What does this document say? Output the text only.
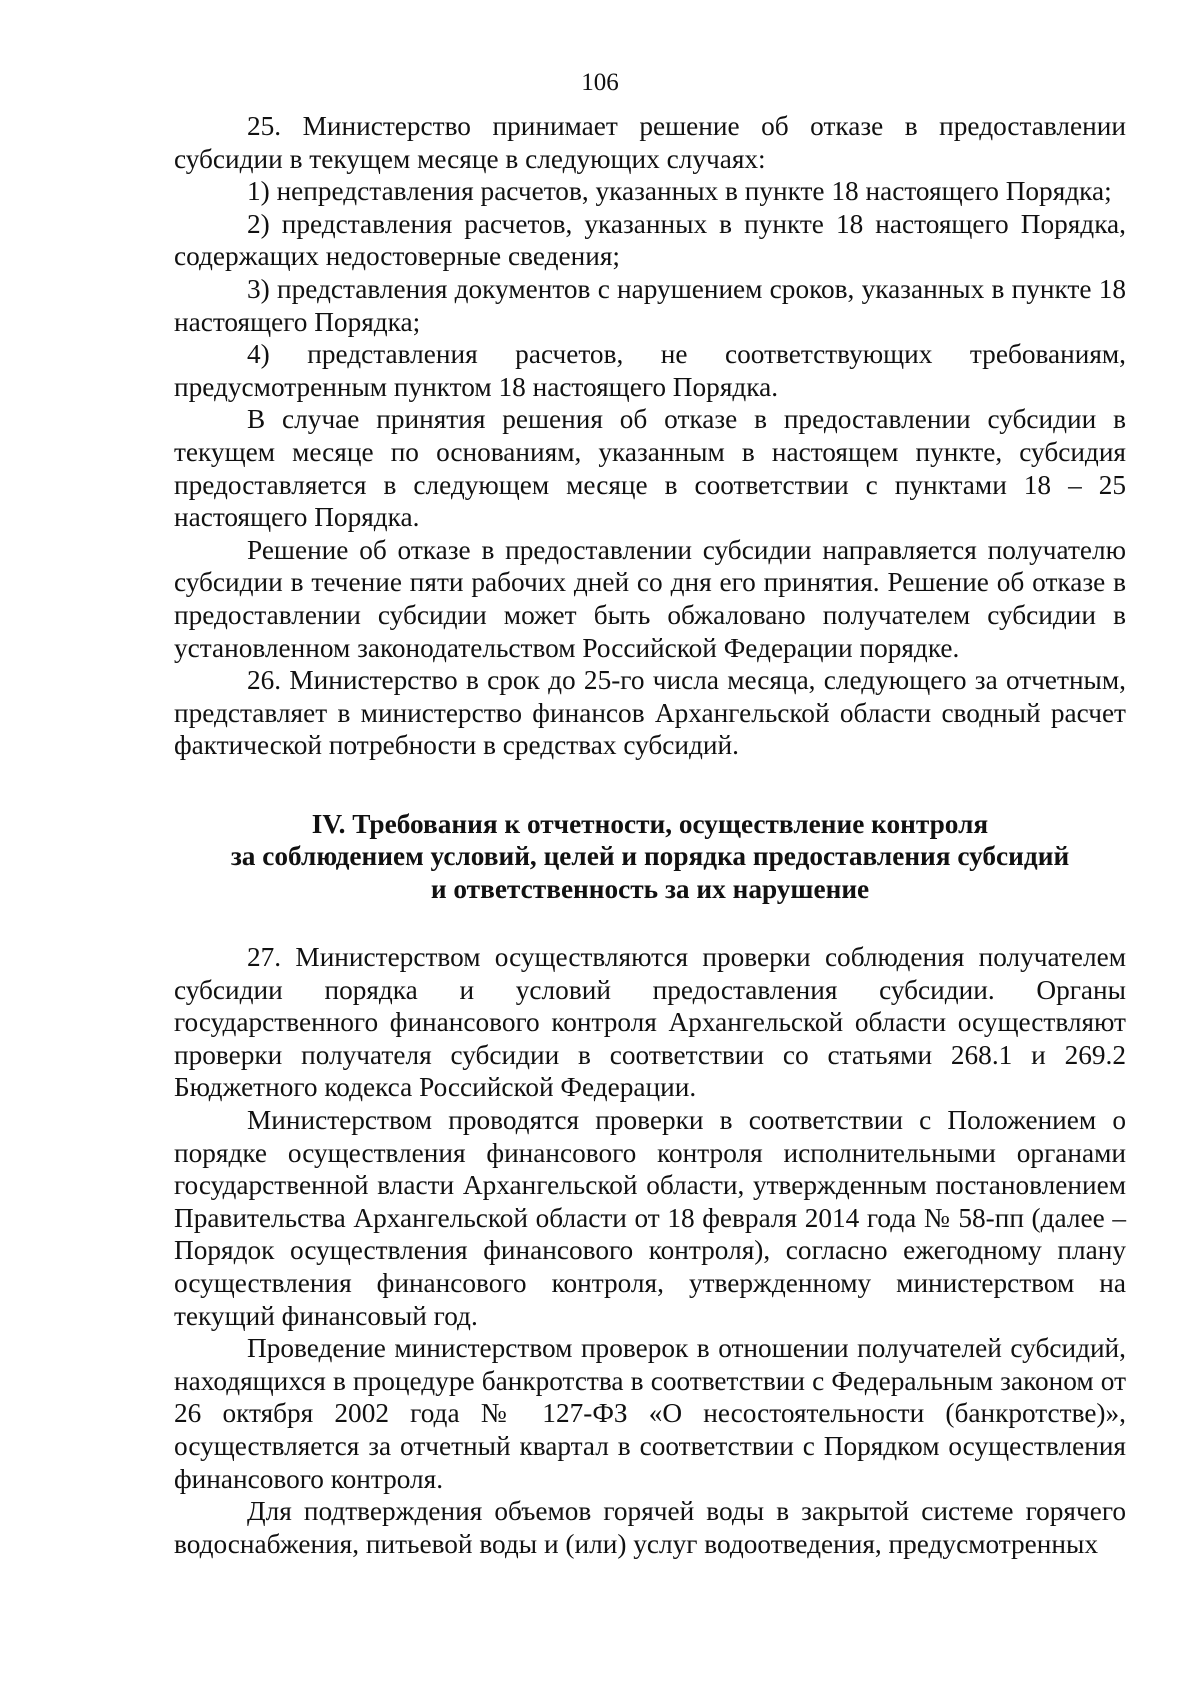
106

25. Министерство принимает решение об отказе в предоставлении субсидии в текущем месяце в следующих случаях:

1) непредставления расчетов, указанных в пункте 18 настоящего Порядка;

2) представления расчетов, указанных в пункте 18 настоящего Порядка, содержащих недостоверные сведения;

3) представления документов с нарушением сроков, указанных в пункте 18 настоящего Порядка;

4) представления расчетов, не соответствующих требованиям, предусмотренным пунктом 18 настоящего Порядка.

В случае принятия решения об отказе в предоставлении субсидии в текущем месяце по основаниям, указанным в настоящем пункте, субсидия предоставляется в следующем месяце в соответствии с пунктами 18 – 25 настоящего Порядка.

Решение об отказе в предоставлении субсидии направляется получателю субсидии в течение пяти рабочих дней со дня его принятия. Решение об отказе в предоставлении субсидии может быть обжаловано получателем субсидии в установленном законодательством Российской Федерации порядке.

26. Министерство в срок до 25-го числа месяца, следующего за отчетным, представляет в министерство финансов Архангельской области сводный расчет фактической потребности в средствах субсидий.

IV. Требования к отчетности, осуществление контроля
за соблюдением условий, целей и порядка предоставления субсидий
и ответственность за их нарушение

27. Министерством осуществляются проверки соблюдения получателем субсидии порядка и условий предоставления субсидии. Органы государственного финансового контроля Архангельской области осуществляют проверки получателя субсидии в соответствии со статьями 268.1 и 269.2 Бюджетного кодекса Российской Федерации.

Министерством проводятся проверки в соответствии с Положением о порядке осуществления финансового контроля исполнительными органами государственной власти Архангельской области, утвержденным постановлением Правительства Архангельской области от 18 февраля 2014 года № 58-пп (далее – Порядок осуществления финансового контроля), согласно ежегодному плану осуществления финансового контроля, утвержденному министерством на текущий финансовый год.

Проведение министерством проверок в отношении получателей субсидий, находящихся в процедуре банкротства в соответствии с Федеральным законом от 26 октября 2002 года № 127-ФЗ «О несостоятельности (банкротстве)», осуществляется за отчетный квартал в соответствии с Порядком осуществления финансового контроля.

Для подтверждения объемов горячей воды в закрытой системе горячего водоснабжения, питьевой воды и (или) услуг водоотведения, предусмотренных
